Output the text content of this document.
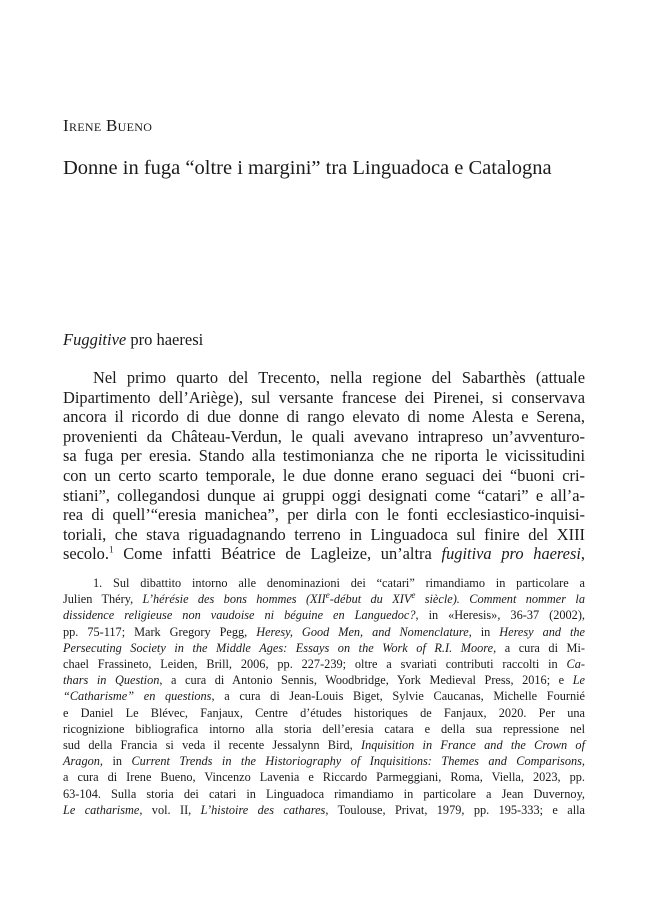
Irene Bueno
Donne in fuga “oltre i margini” tra Linguadoca e Catalogna
Fuggitive pro haeresi
Nel primo quarto del Trecento, nella regione del Sabarthès (attuale
Dipartimento dell’Ariège), sul versante francese dei Pirenei, si conservava
ancora il ricordo di due donne di rango elevato di nome Alesta e Serena,
provenienti da Château-Verdun, le quali avevano intrapreso un’avventuro-
sa fuga per eresia. Stando alla testimonianza che ne riporta le vicissitudini
con un certo scarto temporale, le due donne erano seguaci dei “buoni cri-
stiani”, collegandosi dunque ai gruppi oggi designati come “catari” e all’a-
rea di quell’“eresia manichea”, per dirla con le fonti ecclesiastico-inquisi-
toriali, che stava riguadagnando terreno in Linguadoca sul finire del XIII
secolo.$^1$ Come infatti Béatrice de Lagleize, un’altra fugitiva pro haeresi,
1. Sul dibattito intorno alle denominazioni dei “catari” rimandiamo in particolare a
Julien Théry, L’hérésie des bons hommes (XIIe-début du XIVe siècle). Comment nommer la
dissidence religieuse non vaudoise ni béguine en Languedoc?, in «Heresis», 36-37 (2002),
pp. 75-117; Mark Gregory Pegg, Heresy, Good Men, and Nomenclature, in Heresy and the
Persecuting Society in the Middle Ages: Essays on the Work of R.I. Moore, a cura di Mi-
chael Frassineto, Leiden, Brill, 2006, pp. 227-239; oltre a svariati contributi raccolti in Ca-
thars in Question, a cura di Antonio Sennis, Woodbridge, York Medieval Press, 2016; e Le
“Catharisme” en questions, a cura di Jean-Louis Biget, Sylvie Caucanas, Michelle Fournié
e Daniel Le Blévec, Fanjaux, Centre d’études historiques de Fanjaux, 2020. Per una
ricognizione bibliografica intorno alla storia dell’eresia catara e della sua repressione nel
sud della Francia si veda il recente Jessalynn Bird, Inquisition in France and the Crown of
Aragon, in Current Trends in the Historiography of Inquisitions: Themes and Comparisons,
a cura di Irene Bueno, Vincenzo Lavenia e Riccardo Parmeggiani, Roma, Viella, 2023, pp.
63-104. Sulla storia dei catari in Linguadoca rimandiamo in particolare a Jean Duvernoy,
Le catharisme, vol. II, L’histoire des cathares, Toulouse, Privat, 1979, pp. 195-333; e alla
